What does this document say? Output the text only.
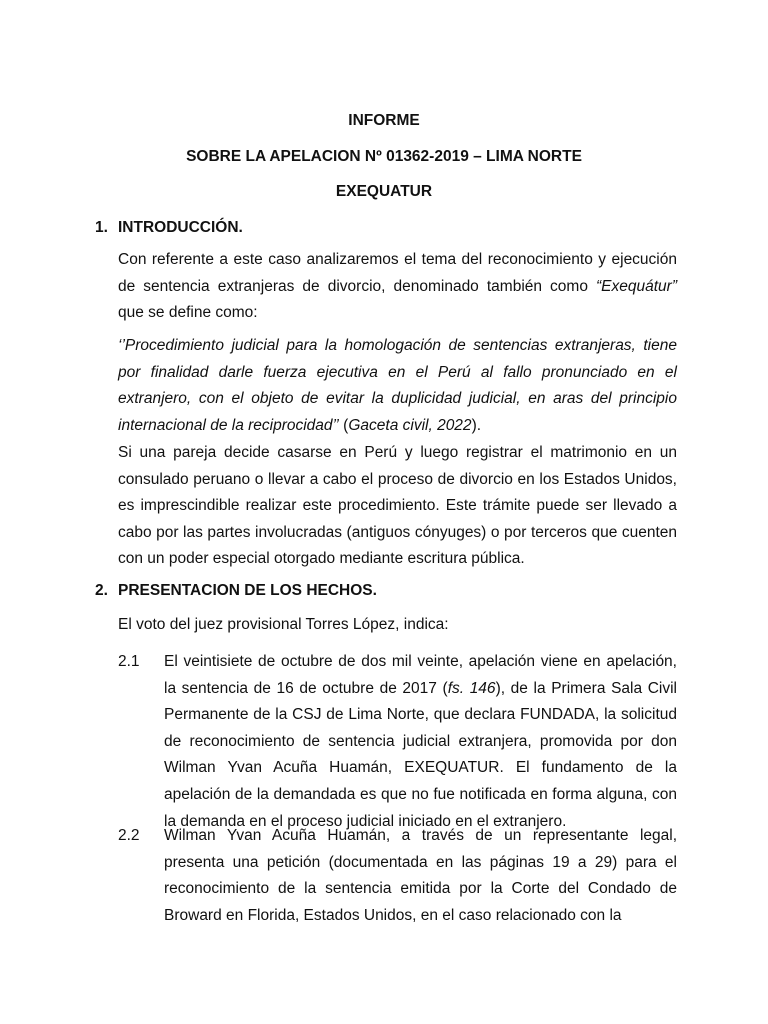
INFORME
SOBRE LA APELACION Nº 01362-2019 – LIMA NORTE
EXEQUATUR
1. INTRODUCCIÓN.

Con referente a este caso analizaremos el tema del reconocimiento y ejecución de sentencia extranjeras de divorcio, denominado también como “Exequátur” que se define como:

‘’Procedimiento judicial para la homologación de sentencias extranjeras, tiene por finalidad darle fuerza ejecutiva en el Perú al fallo pronunciado en el extranjero, con el objeto de evitar la duplicidad judicial, en aras del principio internacional de la reciprocidad’’ (Gaceta civil, 2022).

Si una pareja decide casarse en Perú y luego registrar el matrimonio en un consulado peruano o llevar a cabo el proceso de divorcio en los Estados Unidos, es imprescindible realizar este procedimiento. Este trámite puede ser llevado a cabo por las partes involucradas (antiguos cónyuges) o por terceros que cuenten con un poder especial otorgado mediante escritura pública.

2. PRESENTACION DE LOS HECHOS.

El voto del juez provisional Torres López, indica:

2.1	El veintisiete de octubre de dos mil veinte, apelación viene en apelación, la sentencia de 16 de octubre de 2017 (fs. 146), de la Primera Sala Civil Permanente de la CSJ de Lima Norte, que declara FUNDADA, la solicitud de reconocimiento de sentencia judicial extranjera, promovida por don Wilman Yvan Acuña Huamán, EXEQUATUR. El fundamento de la apelación de la demandada es que no fue notificada en forma alguna, con la demanda en el proceso judicial iniciado en el extranjero.

2.2	Wilman Yvan Acuña Huamán, a través de un representante legal, presenta una petición (documentada en las páginas 19 a 29) para el reconocimiento de la sentencia emitida por la Corte del Condado de Broward en Florida, Estados Unidos, en el caso relacionado con la
